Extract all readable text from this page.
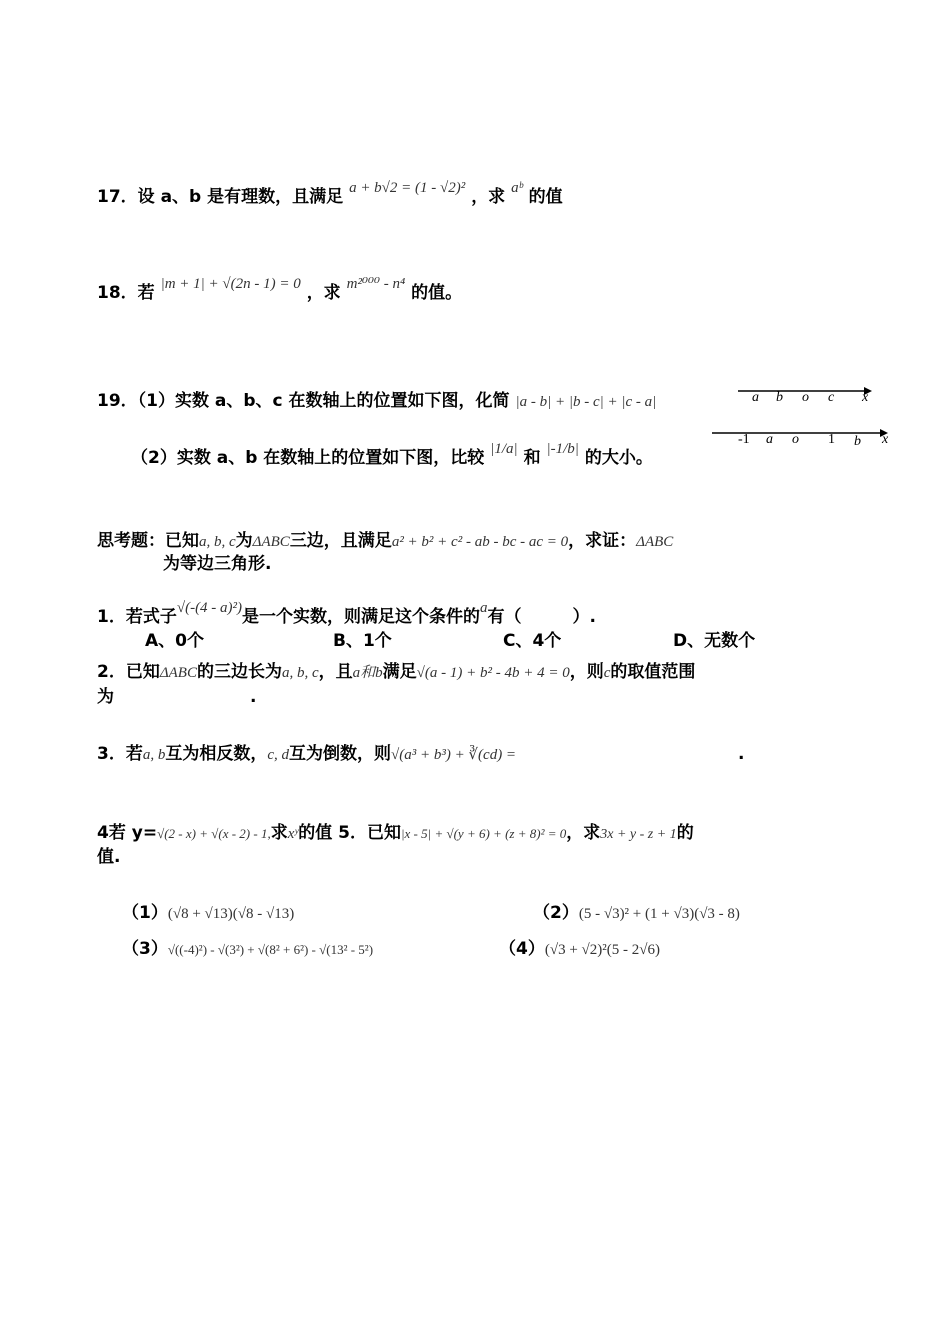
17．设 a、b 是有理数，且满足 a + b√2 = (1 - √2)² ，求 aᵇ 的值
18．若 |m + 1| + √(2n - 1) = 0 ，求 m²⁰⁰⁰ - n⁴ 的值。
19．（1）实数 a、b、c 在数轴上的位置如下图，化简 |a - b| + |b - c| + |c - a|	a b o c x
（2）实数 a、b 在数轴上的位置如下图，比较 |1/a| 和 |-1/b| 的大小。
-1 a o 1 b x
思考题：已知a, b, c为ΔABC三边，且满足a² + b² + c² - ab - bc - ac = 0，求证：ΔABC
为等边三角形.
1．若式子√(-(4 - a)²)是一个实数，则满足这个条件的a有（　　　）.
A、0个	B、1个	C、4个	D、无数个
2．已知ΔABC的三边长为a, b, c，且a和b满足√(a - 1) + b² - 4b + 4 = 0，则c的取值范围
为　　　　　　　　.
3．若a, b互为相反数，c, d互为倒数，则√(a³ + b³) + ∛(cd) =	.
4若 y=√(2 - x) + √(x - 2) - 1,求xʸ的值 5．已知|x - 5| + √(y + 6) + (z + 8)² = 0，求3x + y - z + 1的
值.
（1）(√8 + √13)(√8 - √13)	（2）(5 - √3)² + (1 + √3)(√3 - 8)
（3）√((-4)²) - √(3²) + √(8² + 6²) - √(13² - 5²)	（4）(√3 + √2)²(5 - 2√6)
